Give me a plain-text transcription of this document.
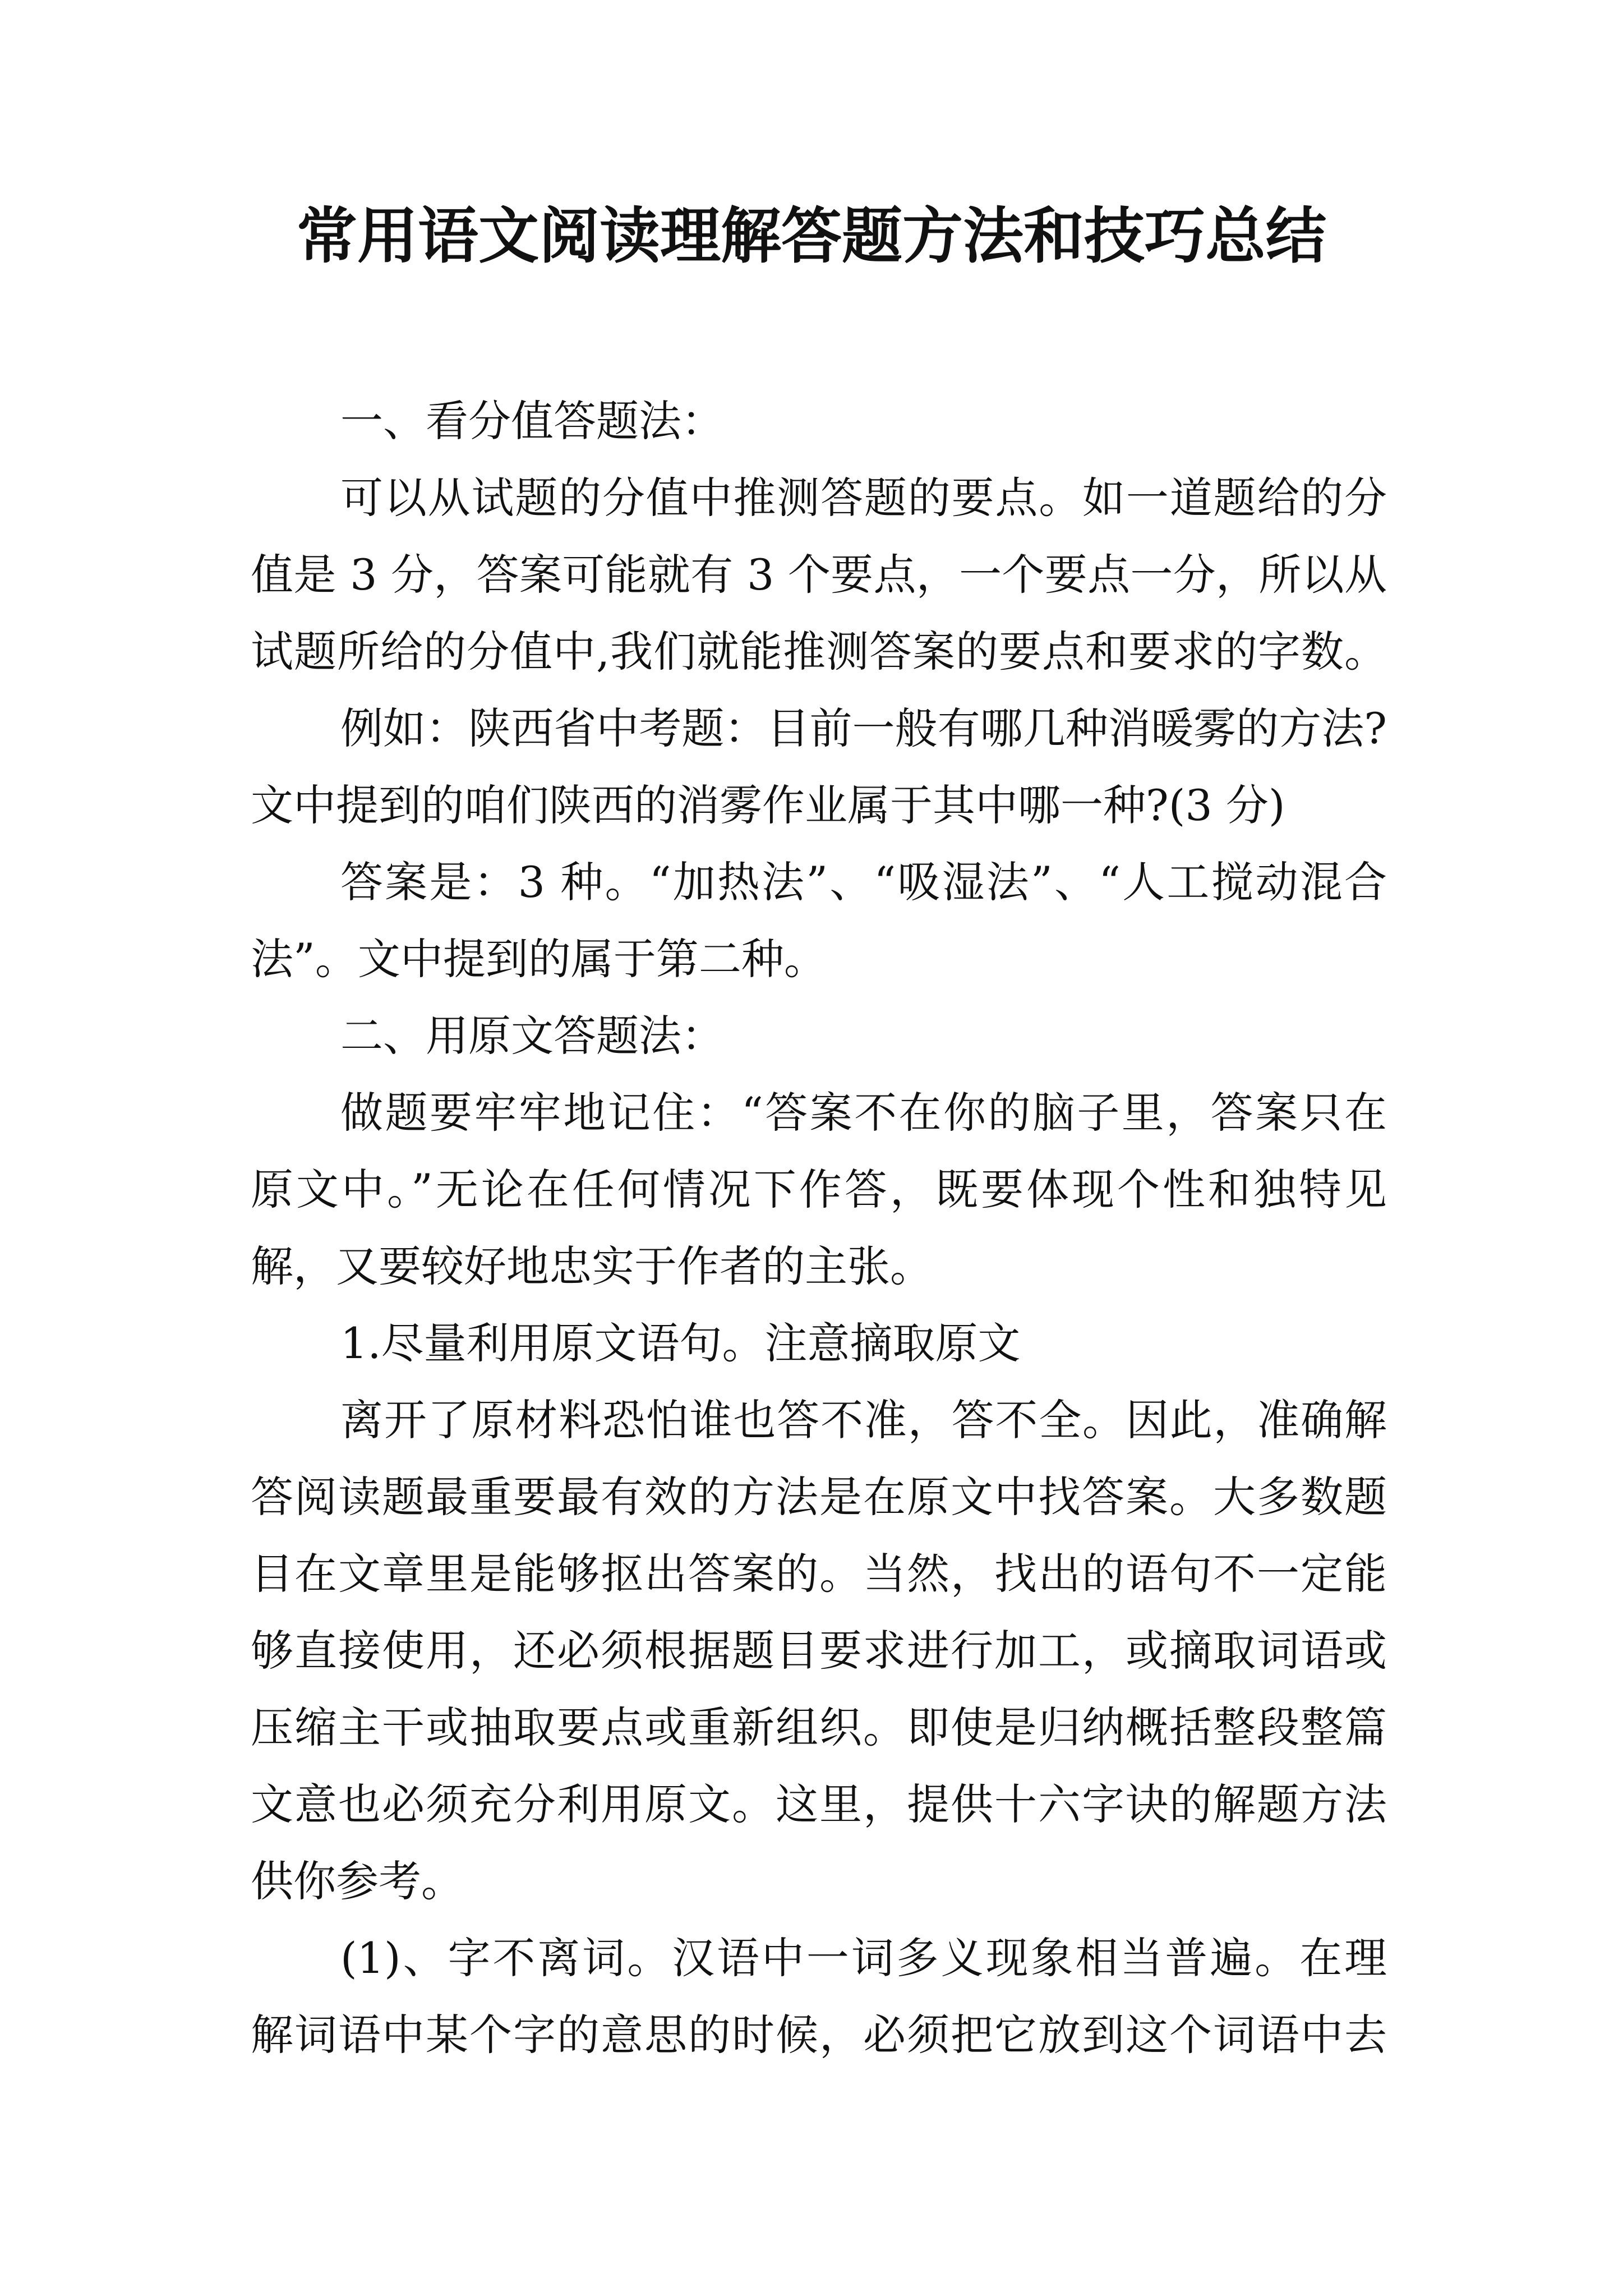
常用语文阅读理解答题方法和技巧总结
一、看分值答题法：
可以从试题的分值中推测答题的要点。如一道题给的分
值是 3 分，答案可能就有 3 个要点，一个要点一分，所以从
试题所给的分值中,我们就能推测答案的要点和要求的字数。
例如：陕西省中考题：目前一般有哪几种消暖雾的方法?
文中提到的咱们陕西的消雾作业属于其中哪一种?(3 分)
答案是：3 种。“加热法”、“吸湿法”、“人工搅动混合
法”。文中提到的属于第二种。
二、用原文答题法：
做题要牢牢地记住：“答案不在你的脑子里，答案只在
原文中。”无论在任何情况下作答，既要体现个性和独特见
解，又要较好地忠实于作者的主张。
1.尽量利用原文语句。注意摘取原文
离开了原材料恐怕谁也答不准，答不全。因此，准确解
答阅读题最重要最有效的方法是在原文中找答案。大多数题
目在文章里是能够抠出答案的。当然，找出的语句不一定能
够直接使用，还必须根据题目要求进行加工，或摘取词语或
压缩主干或抽取要点或重新组织。即使是归纳概括整段整篇
文意也必须充分利用原文。这里，提供十六字诀的解题方法
供你参考。
(1)、字不离词。汉语中一词多义现象相当普遍。在理
解词语中某个字的意思的时候，必须把它放到这个词语中去
